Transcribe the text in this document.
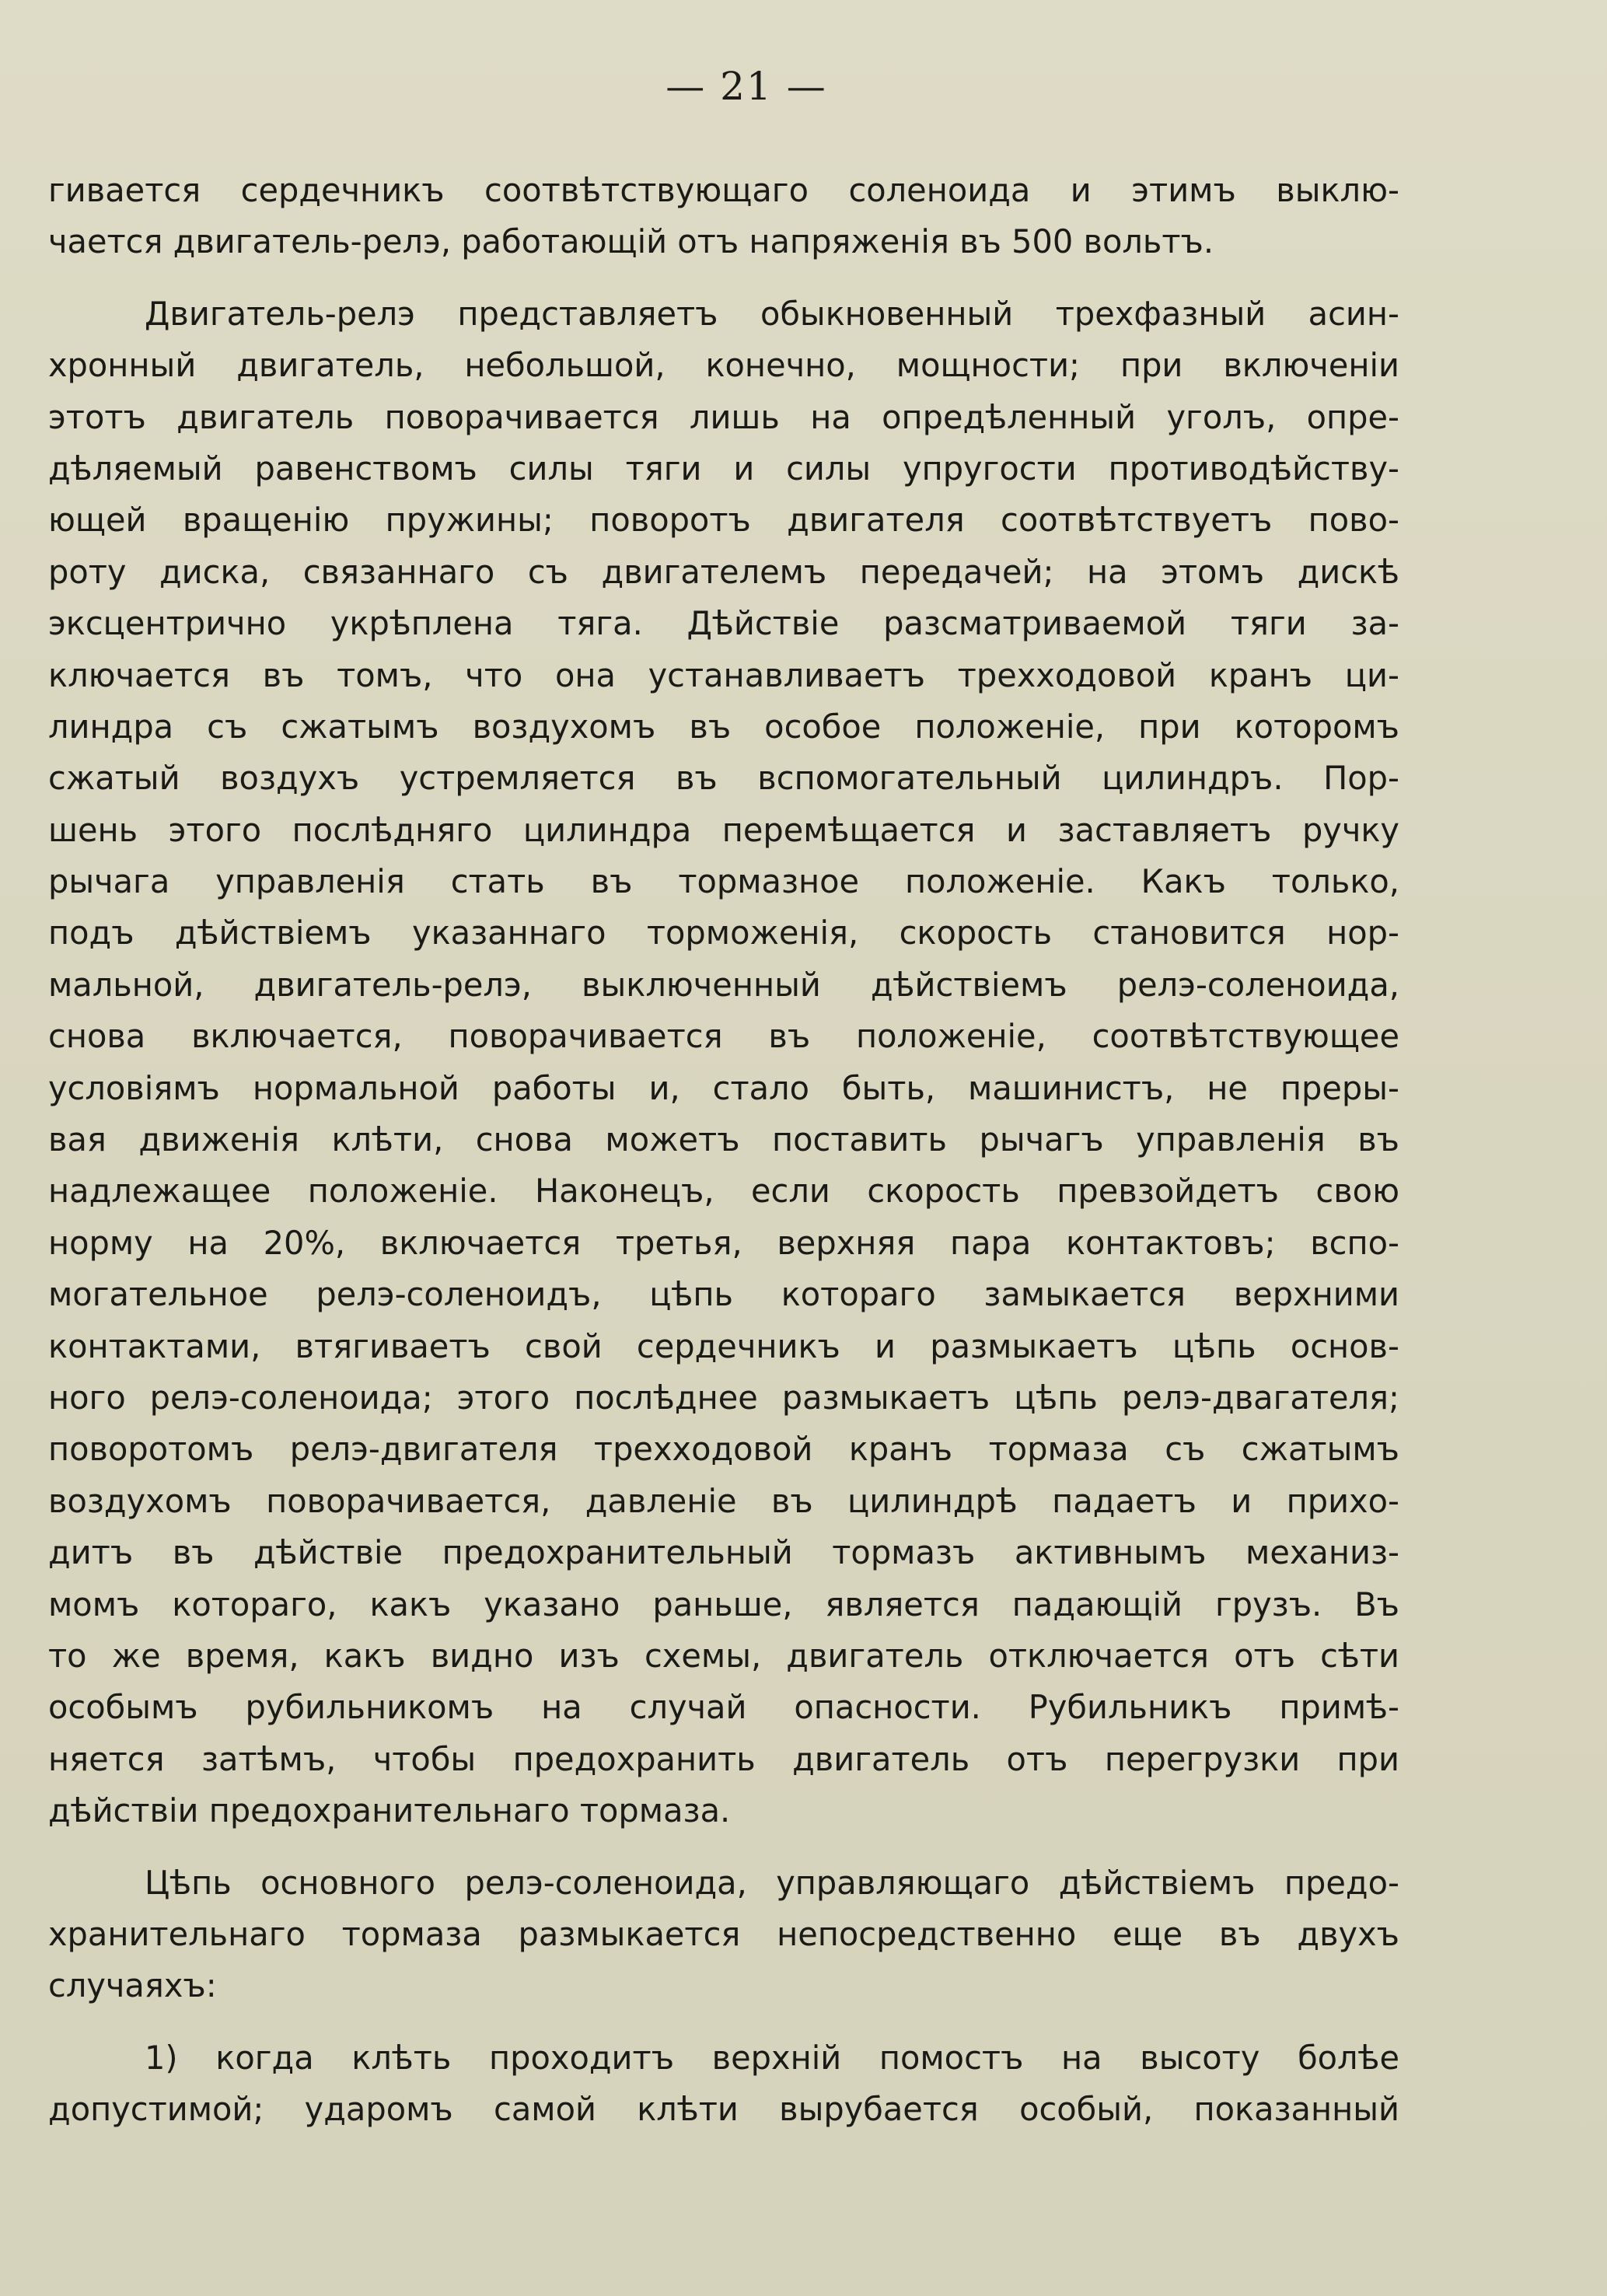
— 21 —
гивается сердечникъ соотвѣтствующаго соленоида и этимъ выклю-
чается двигатель-релэ, работающій отъ напряженія въ 500 вольтъ.
Двигатель-релэ представляетъ обыкновенный трехфазный асин-
хронный двигатель, небольшой, конечно, мощности; при включеніи
этотъ двигатель поворачивается лишь на опредѣленный уголъ, опре-
дѣляемый равенствомъ силы тяги и силы упругости противодѣйству-
ющей вращенію пружины; поворотъ двигателя соотвѣтствуетъ пово-
роту диска, связаннаго съ двигателемъ передачей; на этомъ дискѣ
эксцентрично укрѣплена тяга. Дѣйствіе разсматриваемой тяги за-
ключается въ томъ, что она устанавливаетъ трехходовой кранъ ци-
линдра съ сжатымъ воздухомъ въ особое положеніе, при которомъ
сжатый воздухъ устремляется въ вспомогательный цилиндръ. Пор-
шень этого послѣдняго цилиндра перемѣщается и заставляетъ ручку
рычага управленія стать въ тормазное положеніе. Какъ только,
подъ дѣйствіемъ указаннаго торможенія, скорость становится нор-
мальной, двигатель-релэ, выключенный дѣйствіемъ релэ-соленоида,
снова включается, поворачивается въ положеніе, соотвѣтствующее
условіямъ нормальной работы и, стало быть, машинистъ, не преры-
вая движенія клѣти, снова можетъ поставить рычагъ управленія въ
надлежащее положеніе. Наконецъ, если скорость превзойдетъ свою
норму на 20%, включается третья, верхняя пара контактовъ; вспо-
могательное релэ-соленоидъ, цѣпь котораго замыкается верхними
контактами, втягиваетъ свой сердечникъ и размыкаетъ цѣпь основ-
ного релэ-соленоида; этого послѣднее размыкаетъ цѣпь релэ-двагателя;
поворотомъ релэ-двигателя трехходовой кранъ тормаза съ сжатымъ
воздухомъ поворачивается, давленіе въ цилиндрѣ падаетъ и прихо-
дитъ въ дѣйствіе предохранительный тормазъ активнымъ механиз-
момъ котораго, какъ указано раньше, является падающій грузъ. Въ
то же время, какъ видно изъ схемы, двигатель отключается отъ сѣти
особымъ рубильникомъ на случай опасности. Рубильникъ примѣ-
няется затѣмъ, чтобы предохранить двигатель отъ перегрузки при
дѣйствіи предохранительнаго тормаза.
Цѣпь основного релэ-соленоида, управляющаго дѣйствіемъ предо-
хранительнаго тормаза размыкается непосредственно еще въ двухъ
случаяхъ:
1) когда клѣть проходитъ верхній помостъ на высоту болѣе
допустимой; ударомъ самой клѣти вырубается особый, показанный
